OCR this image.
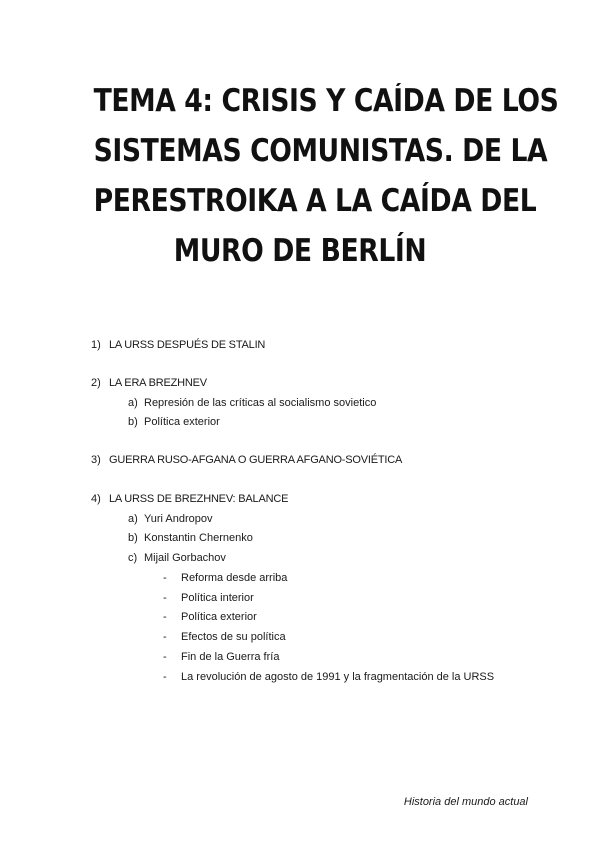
TEMA 4: CRISIS Y CAÍDA DE LOS
SISTEMAS COMUNISTAS. DE LA
PERESTROIKA A LA CAÍDA DEL
MURO DE BERLÍN
1) LA URSS DESPUÉS DE STALIN
2) LA ERA BREZHNEV
a) Represión de las críticas al socialismo sovietico
b) Política exterior
3) GUERRA RUSO-AFGANA O GUERRA AFGANO-SOVIÉTICA
4) LA URSS DE BREZHNEV: BALANCE
a) Yuri Andropov
b) Konstantin Chernenko
c) Mijail Gorbachov
- Reforma desde arriba
- Política interior
- Política exterior
- Efectos de su política
- Fin de la Guerra fría
- La revolución de agosto de 1991 y la fragmentación de la URSS
Historia del mundo actual
